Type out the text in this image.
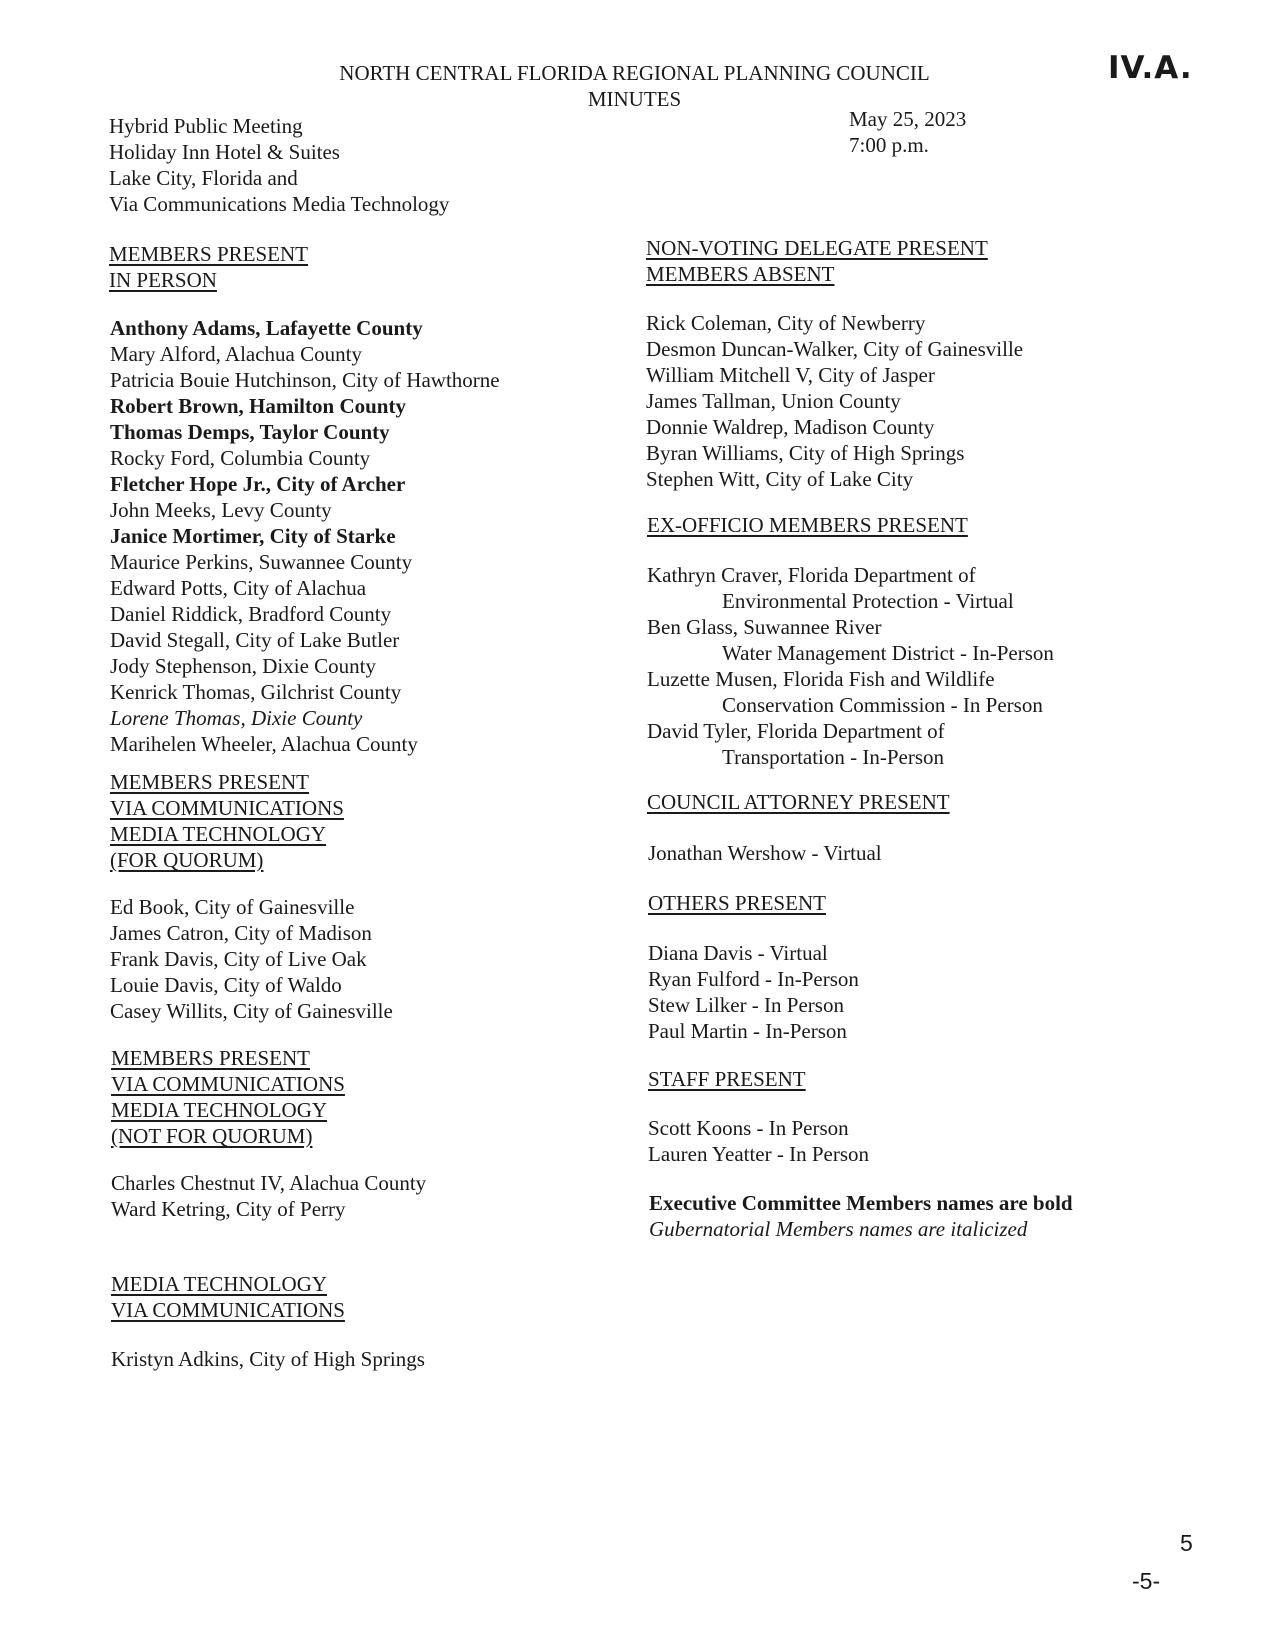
IV.A.
NORTH CENTRAL FLORIDA REGIONAL PLANNING COUNCIL
MINUTES
Hybrid Public Meeting
Holiday Inn Hotel & Suites
Lake City, Florida and
Via Communications Media Technology
May 25, 2023
7:00 p.m.
MEMBERS PRESENT
IN PERSON
Anthony Adams, Lafayette County
Mary Alford, Alachua County
Patricia Bouie Hutchinson, City of Hawthorne
Robert Brown, Hamilton County
Thomas Demps, Taylor County
Rocky Ford, Columbia County
Fletcher Hope Jr., City of Archer
John Meeks, Levy County
Janice Mortimer, City of Starke
Maurice Perkins, Suwannee County
Edward Potts, City of Alachua
Daniel Riddick, Bradford County
David Stegall, City of Lake Butler
Jody Stephenson, Dixie County
Kenrick Thomas, Gilchrist County
Lorene Thomas, Dixie County
Marihelen Wheeler, Alachua County
MEMBERS PRESENT
VIA COMMUNICATIONS
MEDIA TECHNOLOGY
(FOR QUORUM)
Ed Book, City of Gainesville
James Catron, City of Madison
Frank Davis, City of Live Oak
Louie Davis, City of Waldo
Casey Willits, City of Gainesville
MEMBERS PRESENT
VIA COMMUNICATIONS
MEDIA TECHNOLOGY
(NOT FOR QUORUM)
Charles Chestnut IV, Alachua County
Ward Ketring, City of Perry
MEDIA TECHNOLOGY
VIA COMMUNICATIONS
Kristyn Adkins, City of High Springs
NON-VOTING DELEGATE PRESENT
MEMBERS ABSENT
Rick Coleman, City of Newberry
Desmon Duncan-Walker, City of Gainesville
William Mitchell V, City of Jasper
James Tallman, Union County
Donnie Waldrep, Madison County
Byran Williams, City of High Springs
Stephen Witt, City of Lake City
EX-OFFICIO MEMBERS PRESENT
Kathryn Craver, Florida Department of
Environmental Protection - Virtual
Ben Glass, Suwannee River
Water Management District - In-Person
Luzette Musen, Florida Fish and Wildlife
Conservation Commission - In Person
David Tyler, Florida Department of
Transportation - In-Person
COUNCIL ATTORNEY PRESENT
Jonathan Wershow - Virtual
OTHERS PRESENT
Diana Davis - Virtual
Ryan Fulford - In-Person
Stew Lilker - In Person
Paul Martin - In-Person
STAFF PRESENT
Scott Koons - In Person
Lauren Yeatter - In Person
Executive Committee Members names are bold
Gubernatorial Members names are italicized
5
-5-
